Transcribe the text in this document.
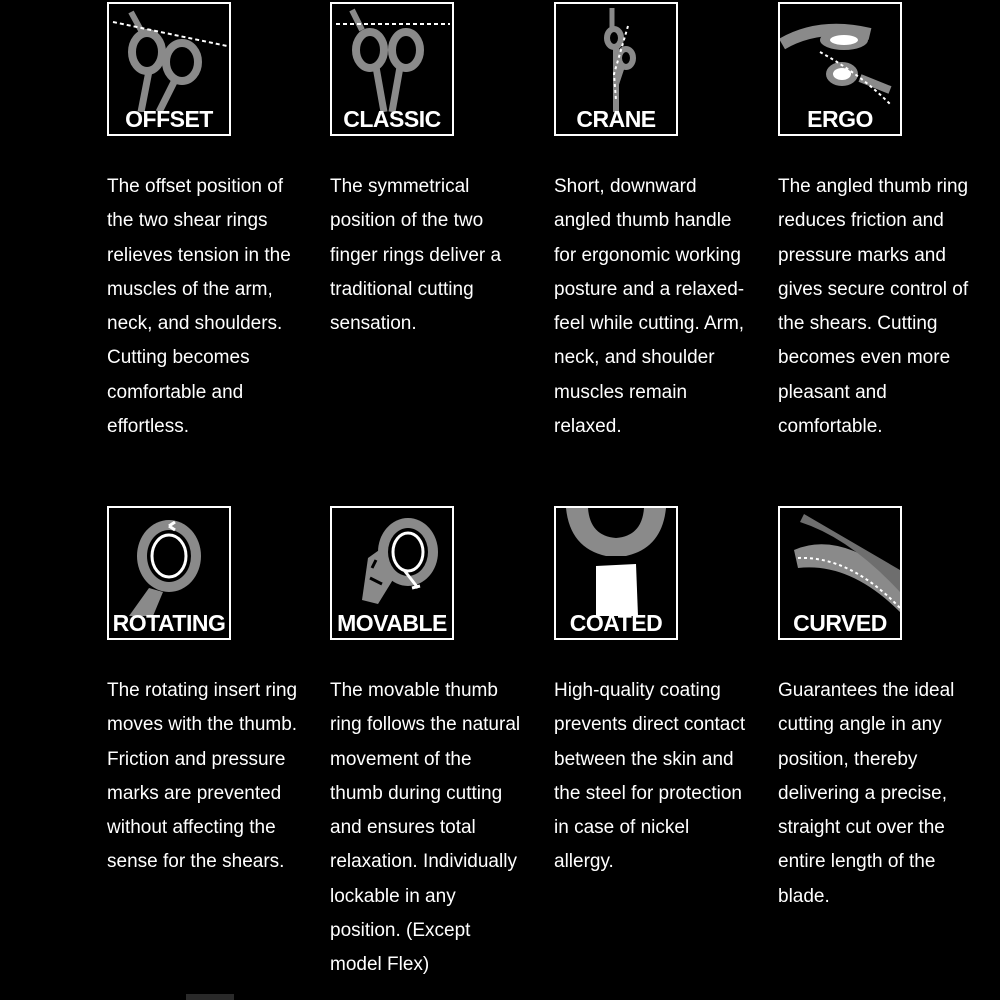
OFFSET

The offset position of
the two shear rings
relieves tension in the
muscles of the arm,
neck, and shoulders.
Cutting becomes
comfortable and
effortless.

CLASSIC

The symmetrical
position of the two
finger rings deliver a
traditional cutting
sensation.

CRANE

Short, downward
angled thumb handle
for ergonomic working
posture and a relaxed-
feel while cutting. Arm,
neck, and shoulder
muscles remain
relaxed.

ERGO

The angled thumb ring
reduces friction and
pressure marks and
gives secure control of
the shears. Cutting
becomes even more
pleasant and
comfortable.

ROTATING

The rotating insert ring
moves with the thumb.
Friction and pressure
marks are prevented
without affecting the
sense for the shears.

MOVABLE

The movable thumb
ring follows the natural
movement of the
thumb during cutting
and ensures total
relaxation. Individually
lockable in any
position. (Except
model Flex)

COATED

High-quality coating
prevents direct contact
between the skin and
the steel for protection
in case of nickel
allergy.

CURVED

Guarantees the ideal
cutting angle in any
position, thereby
delivering a precise,
straight cut over the
entire length of the
blade.
